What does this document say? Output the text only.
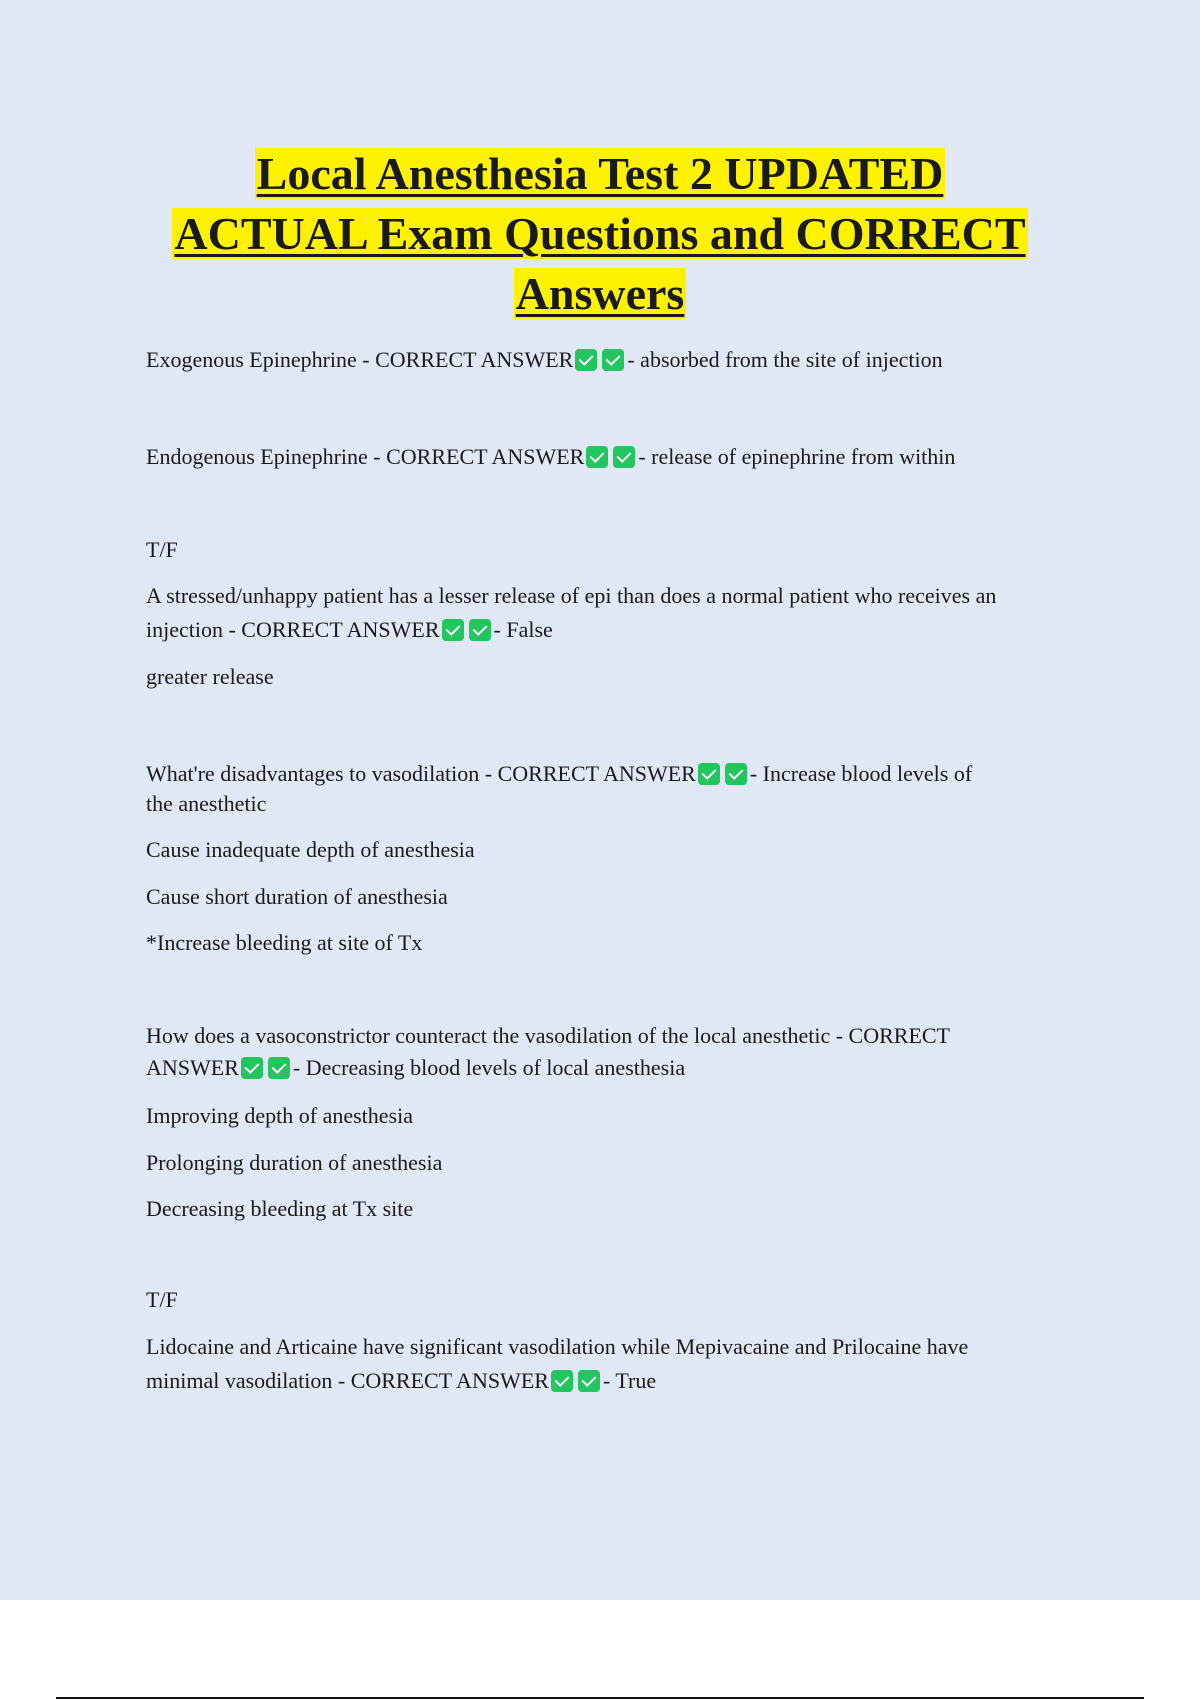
Local Anesthesia Test 2 UPDATED
ACTUAL Exam Questions and CORRECT
Answers
Exogenous Epinephrine - CORRECT ANSWER - absorbed from the site of injection
Endogenous Epinephrine - CORRECT ANSWER - release of epinephrine from within
T/F
A stressed/unhappy patient has a lesser release of epi than does a normal patient who receives an
injection - CORRECT ANSWER - False
greater release
What're disadvantages to vasodilation - CORRECT ANSWER - Increase blood levels of
the anesthetic
Cause inadequate depth of anesthesia
Cause short duration of anesthesia
*Increase bleeding at site of Tx
How does a vasoconstrictor counteract the vasodilation of the local anesthetic - CORRECT
ANSWER - Decreasing blood levels of local anesthesia
Improving depth of anesthesia
Prolonging duration of anesthesia
Decreasing bleeding at Tx site
T/F
Lidocaine and Articaine have significant vasodilation while Mepivacaine and Prilocaine have
minimal vasodilation - CORRECT ANSWER - True
